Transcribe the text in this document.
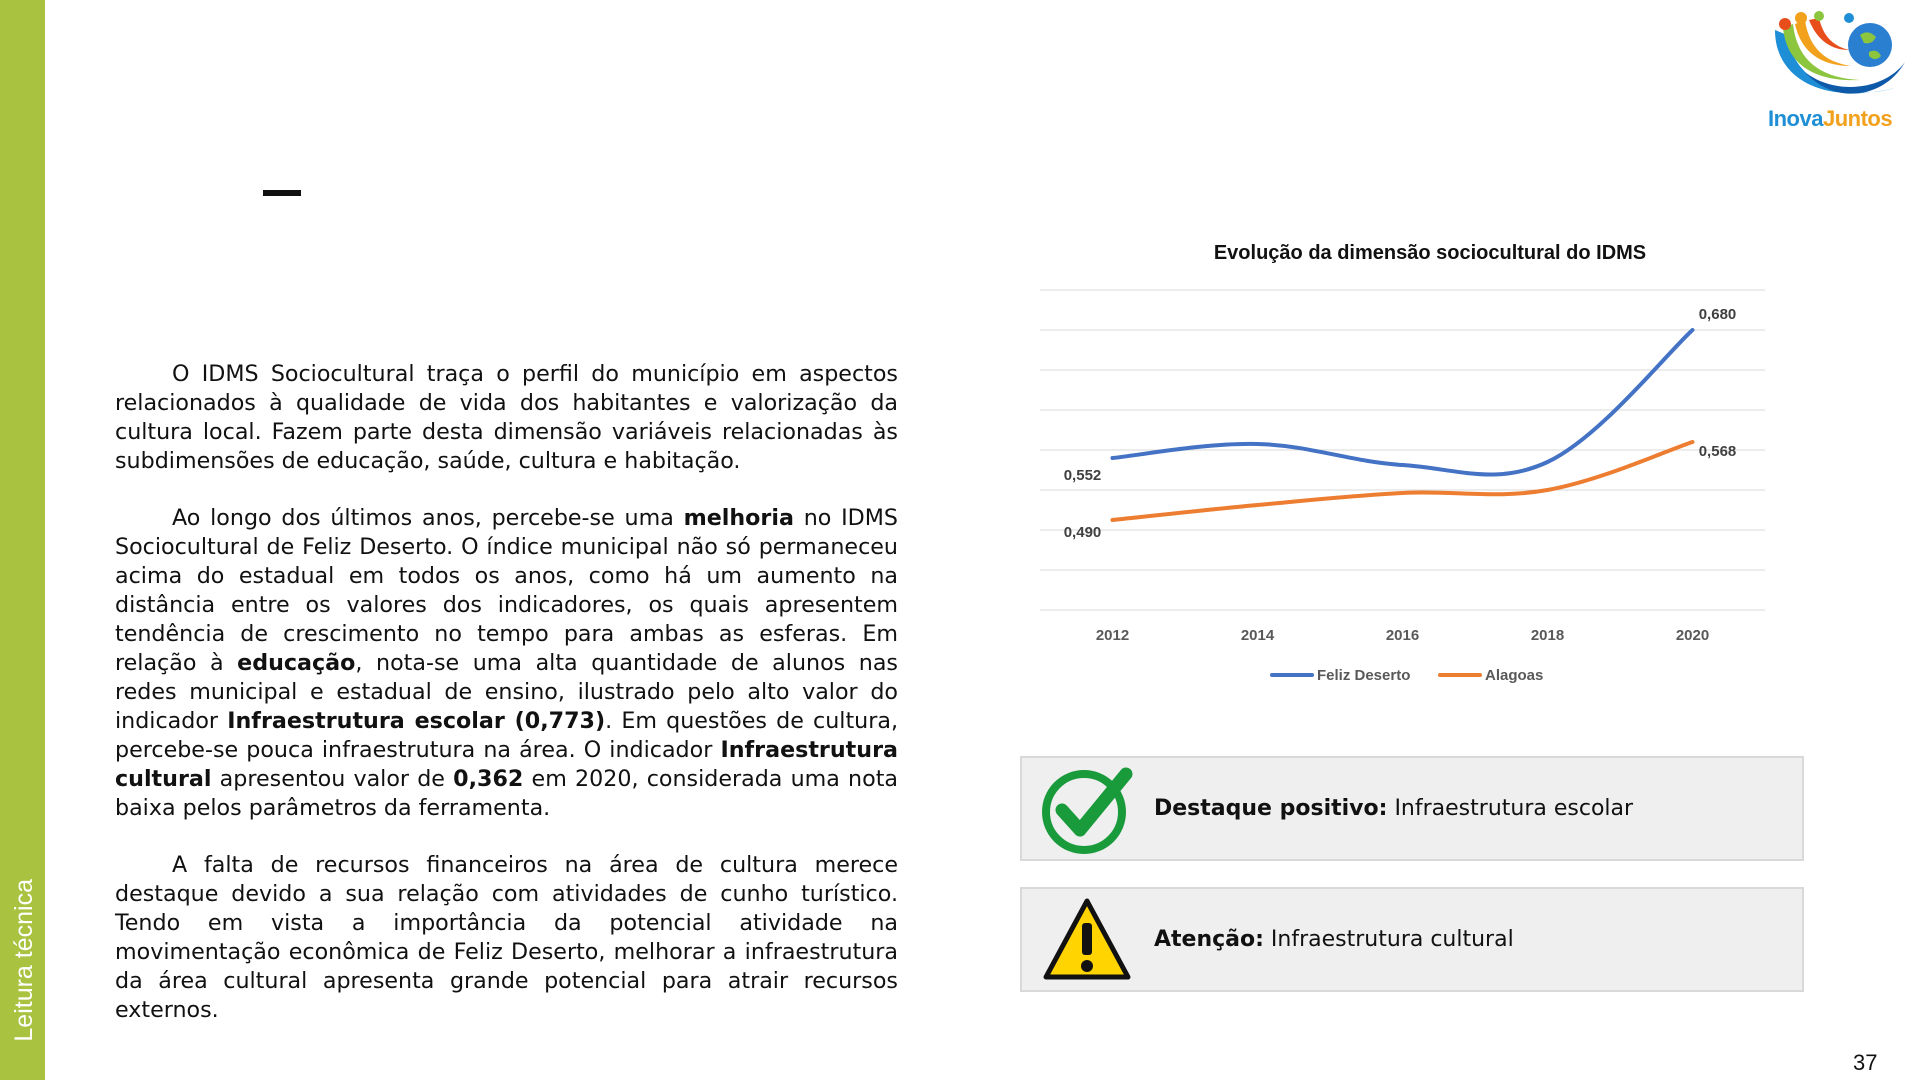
Leitura técnica
InovaJuntos

O IDMS Sociocultural traça o perfil do município em aspectos relacionados à qualidade de vida dos habitantes e valorização da cultura local. Fazem parte desta dimensão variáveis relacionadas às subdimensões de educação, saúde, cultura e habitação.

Ao longo dos últimos anos, percebe-se uma melhoria no IDMS Sociocultural de Feliz Deserto. O índice municipal não só permaneceu acima do estadual em todos os anos, como há um aumento na distância entre os valores dos indicadores, os quais apresentem tendência de crescimento no tempo para ambas as esferas. Em relação à educação, nota-se uma alta quantidade de alunos nas redes municipal e estadual de ensino, ilustrado pelo alto valor do indicador Infraestrutura escolar (0,773). Em questões de cultura, percebe-se pouca infraestrutura na área. O indicador Infraestrutura cultural apresentou valor de 0,362 em 2020, considerada uma nota baixa pelos parâmetros da ferramenta.

A falta de recursos financeiros na área de cultura merece destaque devido a sua relação com atividades de cunho turístico. Tendo em vista a importância da potencial atividade na movimentação econômica de Feliz Deserto, melhorar a infraestrutura da área cultural apresenta grande potencial para atrair recursos externos.

Evolução da dimensão sociocultural do IDMS
2012	2014	2016	2018	2020
0,552
0,680
0,490
0,568
Feliz Deserto	Alagoas
Destaque positivo: Infraestrutura escolar
Atenção: Infraestrutura cultural
37
